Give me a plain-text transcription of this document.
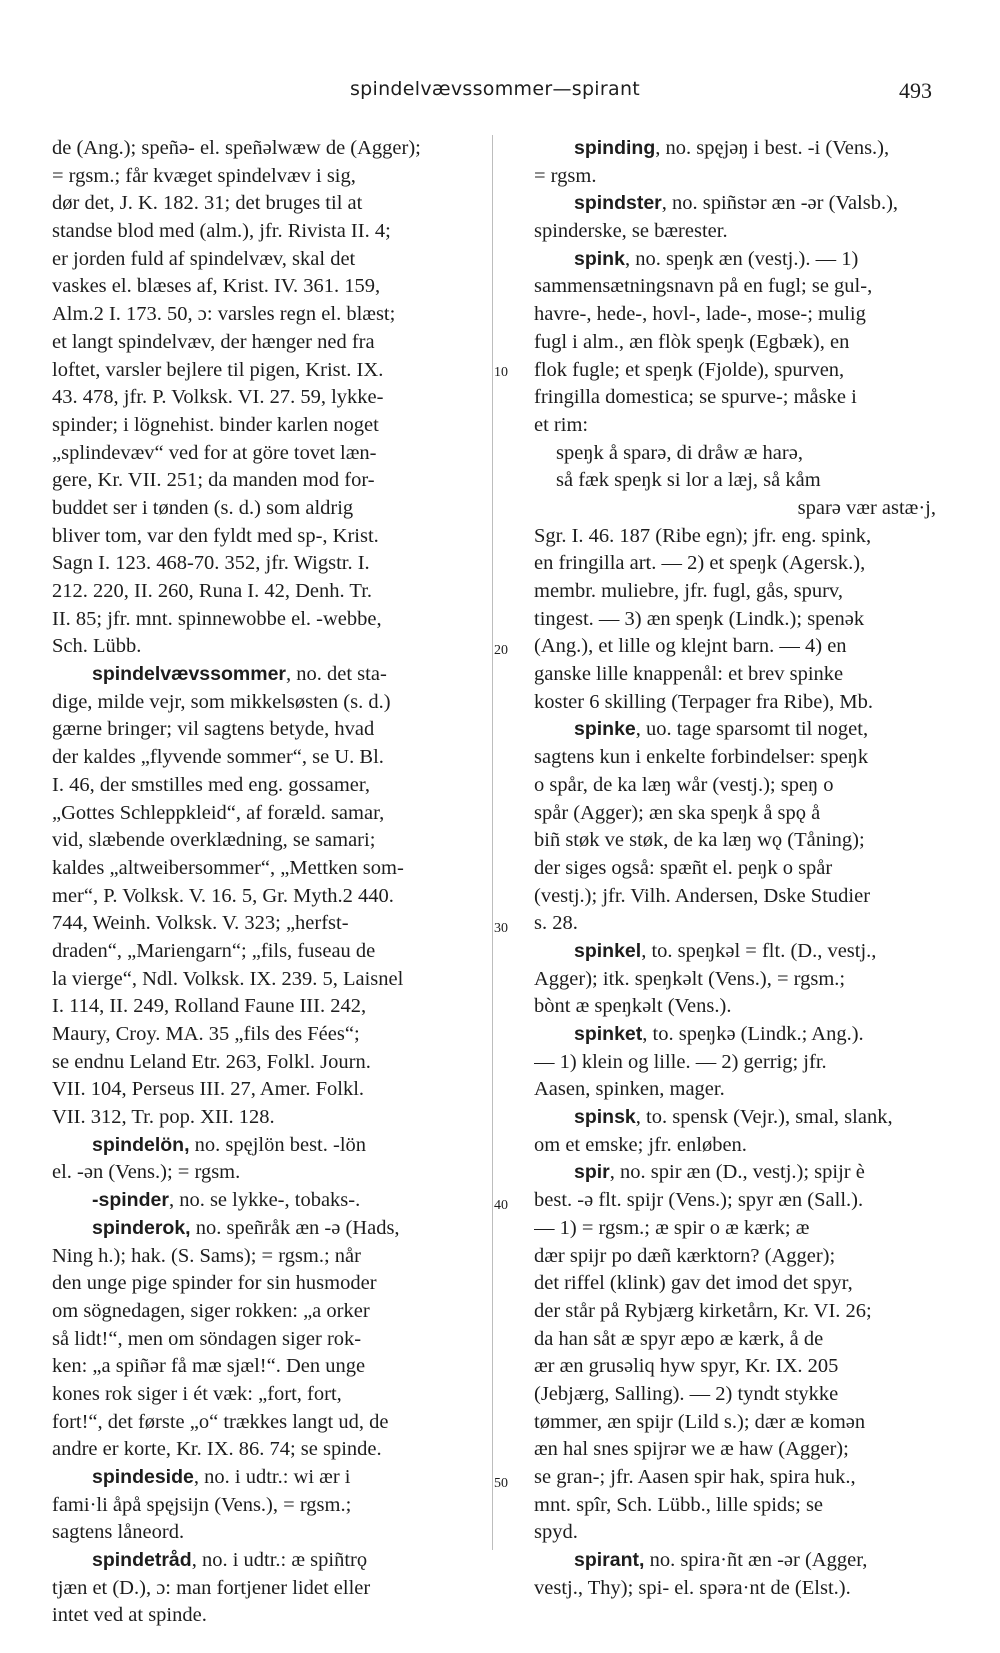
spindelvævssommer—spirant	493
de (Ang.); speñə- el. speñəlwæw de (Agger);
= rgsm.; får kvæget spindelvæv i sig,
dør det, J. K. 182. 31; det bruges til at
standse blod med (alm.), jfr. Rivista II. 4;
er jorden fuld af spindelvæv, skal det
vaskes el. blæses af, Krist. IV. 361. 159,
Alm.2 I. 173. 50, ɔ: varsles regn el. blæst;
et langt spindelvæv, der hænger ned fra
loftet, varsler bejlere til pigen, Krist. IX.
43. 478, jfr. P. Volksk. VI. 27. 59, lykke-
spinder; i lögnehist. binder karlen noget
„splindevæv“ ved for at göre tovet læn-
gere, Kr. VII. 251; da manden mod for-
buddet ser i tønden (s. d.) som aldrig
bliver tom, var den fyldt med sp-, Krist.
Sagn I. 123. 468-70. 352, jfr. Wigstr. I.
212. 220, II. 260, Runa I. 42, Denh. Tr.
II. 85; jfr. mnt. spinnewobbe el. -webbe,
Sch. Lübb.
spindelvævssommer, no. det sta-
dige, milde vejr, som mikkelsøsten (s. d.)
gærne bringer; vil sagtens betyde, hvad
der kaldes „flyvende sommer“, se U. Bl.
I. 46, der smstilles med eng. gossamer,
„Gottes Schleppkleid“, af foræld. samar,
vid, slæbende overklædning, se samari;
kaldes „altweibersommer“, „Mettken som-
mer“, P. Volksk. V. 16. 5, Gr. Myth.2 440.
744, Weinh. Volksk. V. 323; „herfst-
draden“, „Mariengarn“; „fils, fuseau de
la vierge“, Ndl. Volksk. IX. 239. 5, Laisnel
I. 114, II. 249, Rolland Faune III. 242,
Maury, Croy. MA. 35 „fils des Fées“;
se endnu Leland Etr. 263, Folkl. Journ.
VII. 104, Perseus III. 27, Amer. Folkl.
VII. 312, Tr. pop. XII. 128.
spindelön, no. spęjlön best. -lön
el. -ən (Vens.); = rgsm.
-spinder, no. se lykke-, tobaks-.
spinderok, no. speñråk æn -ə (Hads,
Ning h.); hak. (S. Sams); = rgsm.; når
den unge pige spinder for sin husmoder
om sögnedagen, siger rokken: „a orker
så lidt!“, men om söndagen siger rok-
ken: „a spiñər få mæ sjæl!“. Den unge
kones rok siger i ét væk: „fort, fort,
fort!“, det første „o“ trækkes langt ud, de
andre er korte, Kr. IX. 86. 74; se spinde.
spindeside, no. i udtr.: wi ær i
fami·li åpå spęjsijn (Vens.), = rgsm.;
sagtens låneord.
spindetråd, no. i udtr.: æ spiñtrǫ
tjæn et (D.), ɔ: man fortjener lidet eller
intet ved at spinde.
spinding, no. spęjəŋ i best. -i (Vens.),
= rgsm.
spindster, no. spiñstər æn -ər (Valsb.),
spinderske, se bærester.
spink, no. speŋk æn (vestj.). — 1)
sammensætningsnavn på en fugl; se gul-,
havre-, hede-, hovl-, lade-, mose-; mulig
fugl i alm., æn flòk speŋk (Egbæk), en
flok fugle; et speŋk (Fjolde), spurven,
fringilla domestica; se spurve-; måske i
et rim:
speŋk å sparə, di dråw æ harə,
så fæk speŋk si lor a læj, så kåm
sparə vær astæ·j,
Sgr. I. 46. 187 (Ribe egn); jfr. eng. spink,
en fringilla art. — 2) et speŋk (Agersk.),
membr. muliebre, jfr. fugl, gås, spurv,
tingest. — 3) æn speŋk (Lindk.); spenək
(Ang.), et lille og klejnt barn. — 4) en
ganske lille knappenål: et brev spinke
koster 6 skilling (Terpager fra Ribe), Mb.
spinke, uo. tage sparsomt til noget,
sagtens kun i enkelte forbindelser: speŋk
o spår, de ka læŋ wår (vestj.); speŋ o
spår (Agger); æn ska speŋk å spǫ å
biñ støk ve støk, de ka læŋ wǫ (Tåning);
der siges også: spæñt el. peŋk o spår
(vestj.); jfr. Vilh. Andersen, Dske Studier
s. 28.
spinkel, to. speŋkəl = flt. (D., vestj.,
Agger); itk. speŋkəlt (Vens.), = rgsm.;
bònt æ speŋkəlt (Vens.).
spinket, to. speŋkə (Lindk.; Ang.).
— 1) klein og lille. — 2) gerrig; jfr.
Aasen, spinken, mager.
spinsk, to. spensk (Vejr.), smal, slank,
om et emske; jfr. enløben.
spir, no. spir æn (D., vestj.); spijr è
best. -ə flt. spijr (Vens.); spyr æn (Sall.).
— 1) = rgsm.; æ spir o æ kærk; æ
dær spijr po dæñ kærktorn? (Agger);
det riffel (klink) gav det imod det spyr,
der står på Rybjærg kirketårn, Kr. VI. 26;
da han såt æ spyr æpo æ kærk, å de
ær æn grusəliq hyw spyr, Kr. IX. 205
(Jebjærg, Salling). — 2) tyndt stykke
tømmer, æn spijr (Lild s.); dær æ komən
æn hal snes spijrər we æ haw (Agger);
se gran-; jfr. Aasen spir hak, spira huk.,
mnt. spîr, Sch. Lübb., lille spids; se
spyd.
spirant, no. spira·ñt æn -ər (Agger,
vestj., Thy); spi- el. spəra·nt de (Elst.).
10
20
30
40
50
